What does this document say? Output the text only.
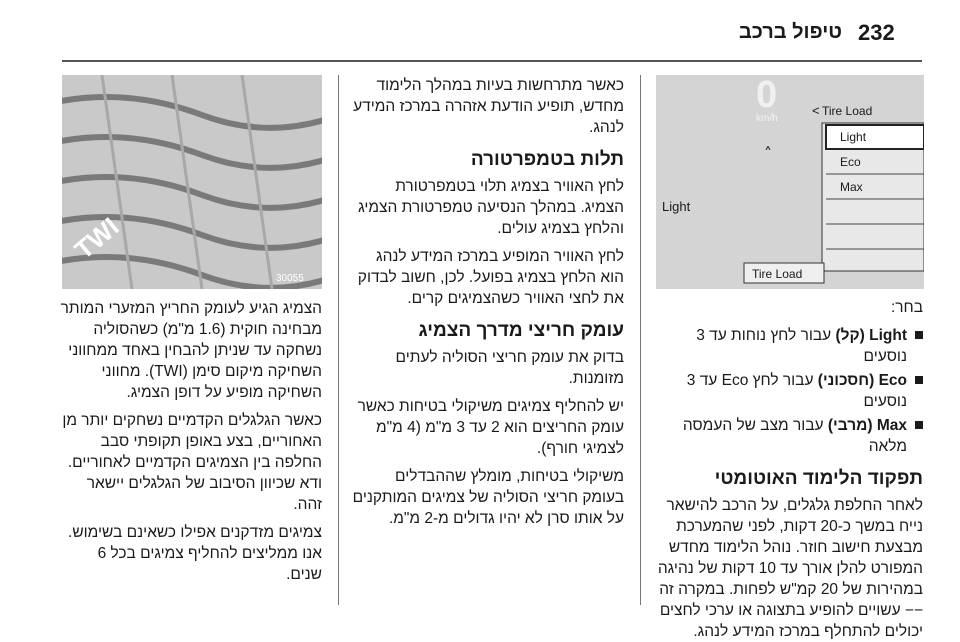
232
טיפול ברכב
0
km/h
< Tire Load
˄
Light
Light
Eco
Max
Tire Load
TWI
30055

בחר:

Light (קל) עבור לחץ נוחות עד 3 נוסעים
Eco (חסכוני) עבור לחץ Eco עד 3 נוסעים
Max (מרבי) עבור מצב של העמסה מלאה
תפקוד הלימוד האוטומטי

לאחר החלפת גלגלים, על הרכב להישאר נייח במשך כ-20 דקות, לפני שהמערכת מבצעת חישוב חוזר. נוהל הלימוד מחדש המפורט להלן אורך עד 10 דקות של נהיגה במהירות של 20 קמ"ש לפחות. במקרה זה −− עשויים להופיע בתצוגה או ערכי לחצים יכולים להתחלף במרכז המידע לנהג.

כאשר מתרחשות בעיות במהלך הלימוד מחדש, תופיע הודעת אזהרה במרכז המידע לנהג.

תלות בטמפרטורה

לחץ האוויר בצמיג תלוי בטמפרטורת הצמיג. במהלך הנסיעה טמפרטורת הצמיג והלחץ בצמיג עולים.

לחץ האוויר המופיע במרכז המידע לנהג הוא הלחץ בצמיג בפועל. לכן, חשוב לבדוק את לחצי האוויר כשהצמיגים קרים.

עומק חריצי מדרך הצמיג

בדוק את עומק חריצי הסוליה לעתים מזומנות.

יש להחליף צמיגים משיקולי בטיחות כאשר עומק החריצים הוא 2 עד 3 מ"מ (4 מ"מ לצמיגי חורף).

משיקולי בטיחות, מומלץ שההבדלים בעומק חריצי הסוליה של צמיגים המותקנים על אותו סרן לא יהיו גדולים מ-2 מ"מ.

הצמיג הגיע לעומק החריץ המזערי המותר מבחינה חוקית (1.6 מ"מ) כשהסוליה נשחקה עד שניתן להבחין באחד ממחווני השחיקה מיקום סימן (TWI). מחווני השחיקה מופיע על דופן הצמיג.

כאשר הגלגלים הקדמיים נשחקים יותר מן האחוריים, בצע באופן תקופתי סבב החלפה בין הצמיגים הקדמיים לאחוריים. ודא שכיוון הסיבוב של הגלגלים יישאר זהה.

צמיגים מזדקנים אפילו כשאינם בשימוש. אנו ממליצים להחליף צמיגים בכל 6 שנים.
